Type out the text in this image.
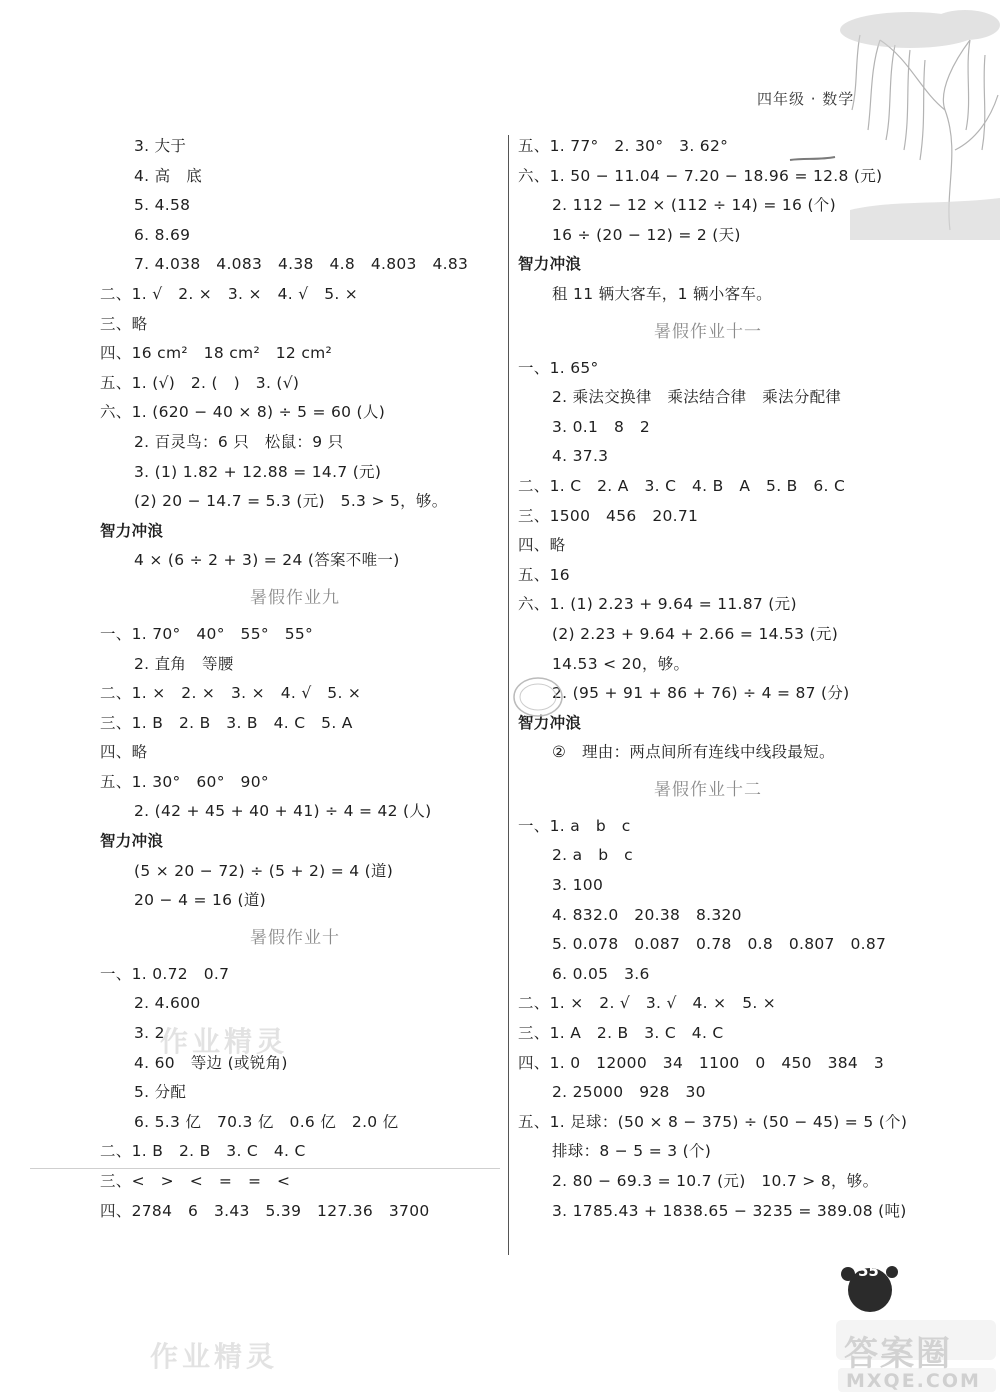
四年级 · 数学
3. 大于
4. 高　底
5. 4.58
6. 8.69
7. 4.038　4.083　4.38　4.8　4.803　4.83
二、1. √　2. ×　3. ×　4. √　5. ×
三、略
四、16 cm²　18 cm²　12 cm²
五、1. (√)　2. (　)　3. (√)
六、1. (620 − 40 × 8) ÷ 5 = 60 (人)
2. 百灵鸟：6 只　松鼠：9 只
3. (1) 1.82 + 12.88 = 14.7 (元)
(2) 20 − 14.7 = 5.3 (元)　5.3 > 5，够。
智力冲浪
4 × (6 ÷ 2 + 3) = 24 (答案不唯一)
暑假作业九
一、1. 70°　40°　55°　55°
2. 直角　等腰
二、1. ×　2. ×　3. ×　4. √　5. ×
三、1. B　2. B　3. B　4. C　5. A
四、略
五、1. 30°　60°　90°
2. (42 + 45 + 40 + 41) ÷ 4 = 42 (人)
智力冲浪
(5 × 20 − 72) ÷ (5 + 2) = 4 (道)
20 − 4 = 16 (道)
暑假作业十
一、1. 0.72　0.7
2. 4.600
3. 2
4. 60　等边 (或锐角)
5. 分配
6. 5.3 亿　70.3 亿　0.6 亿　2.0 亿
二、1. B　2. B　3. C　4. C
三、<　>　<　=　=　<
四、2784　6　3.43　5.39　127.36　3700
五、1. 77°　2. 30°　3. 62°
六、1. 50 − 11.04 − 7.20 − 18.96 = 12.8 (元)
2. 112 − 12 × (112 ÷ 14) = 16 (个)
16 ÷ (20 − 12) = 2 (天)
智力冲浪
租 11 辆大客车，1 辆小客车。
暑假作业十一
一、1. 65°
2. 乘法交换律　乘法结合律　乘法分配律
3. 0.1　8　2
4. 37.3
二、1. C　2. A　3. C　4. B　A　5. B　6. C
三、1500　456　20.71
四、略
五、16
六、1. (1) 2.23 + 9.64 = 11.87 (元)
(2) 2.23 + 9.64 + 2.66 = 14.53 (元)
14.53 < 20，够。
2. (95 + 91 + 86 + 76) ÷ 4 = 87 (分)
智力冲浪
②　理由：两点间所有连线中线段最短。
暑假作业十二
一、1. a　b　c
2. a　b　c
3. 100
4. 832.0　20.38　8.320
5. 0.078　0.087　0.78　0.8　0.807　0.87
6. 0.05　3.6
二、1. ×　2. √　3. √　4. ×　5. ×
三、1. A　2. B　3. C　4. C
四、1. 0　12000　34　1100　0　450　384　3
2. 25000　928　30
五、1. 足球：(50 × 8 − 375) ÷ (50 − 45) = 5 (个)
排球：8 − 5 = 3 (个)
2. 80 − 69.3 = 10.7 (元)　10.7 > 8，够。
3. 1785.43 + 1838.65 − 3235 = 389.08 (吨)
作业精灵
作业精灵
55
答案圈
MXQE.COM
